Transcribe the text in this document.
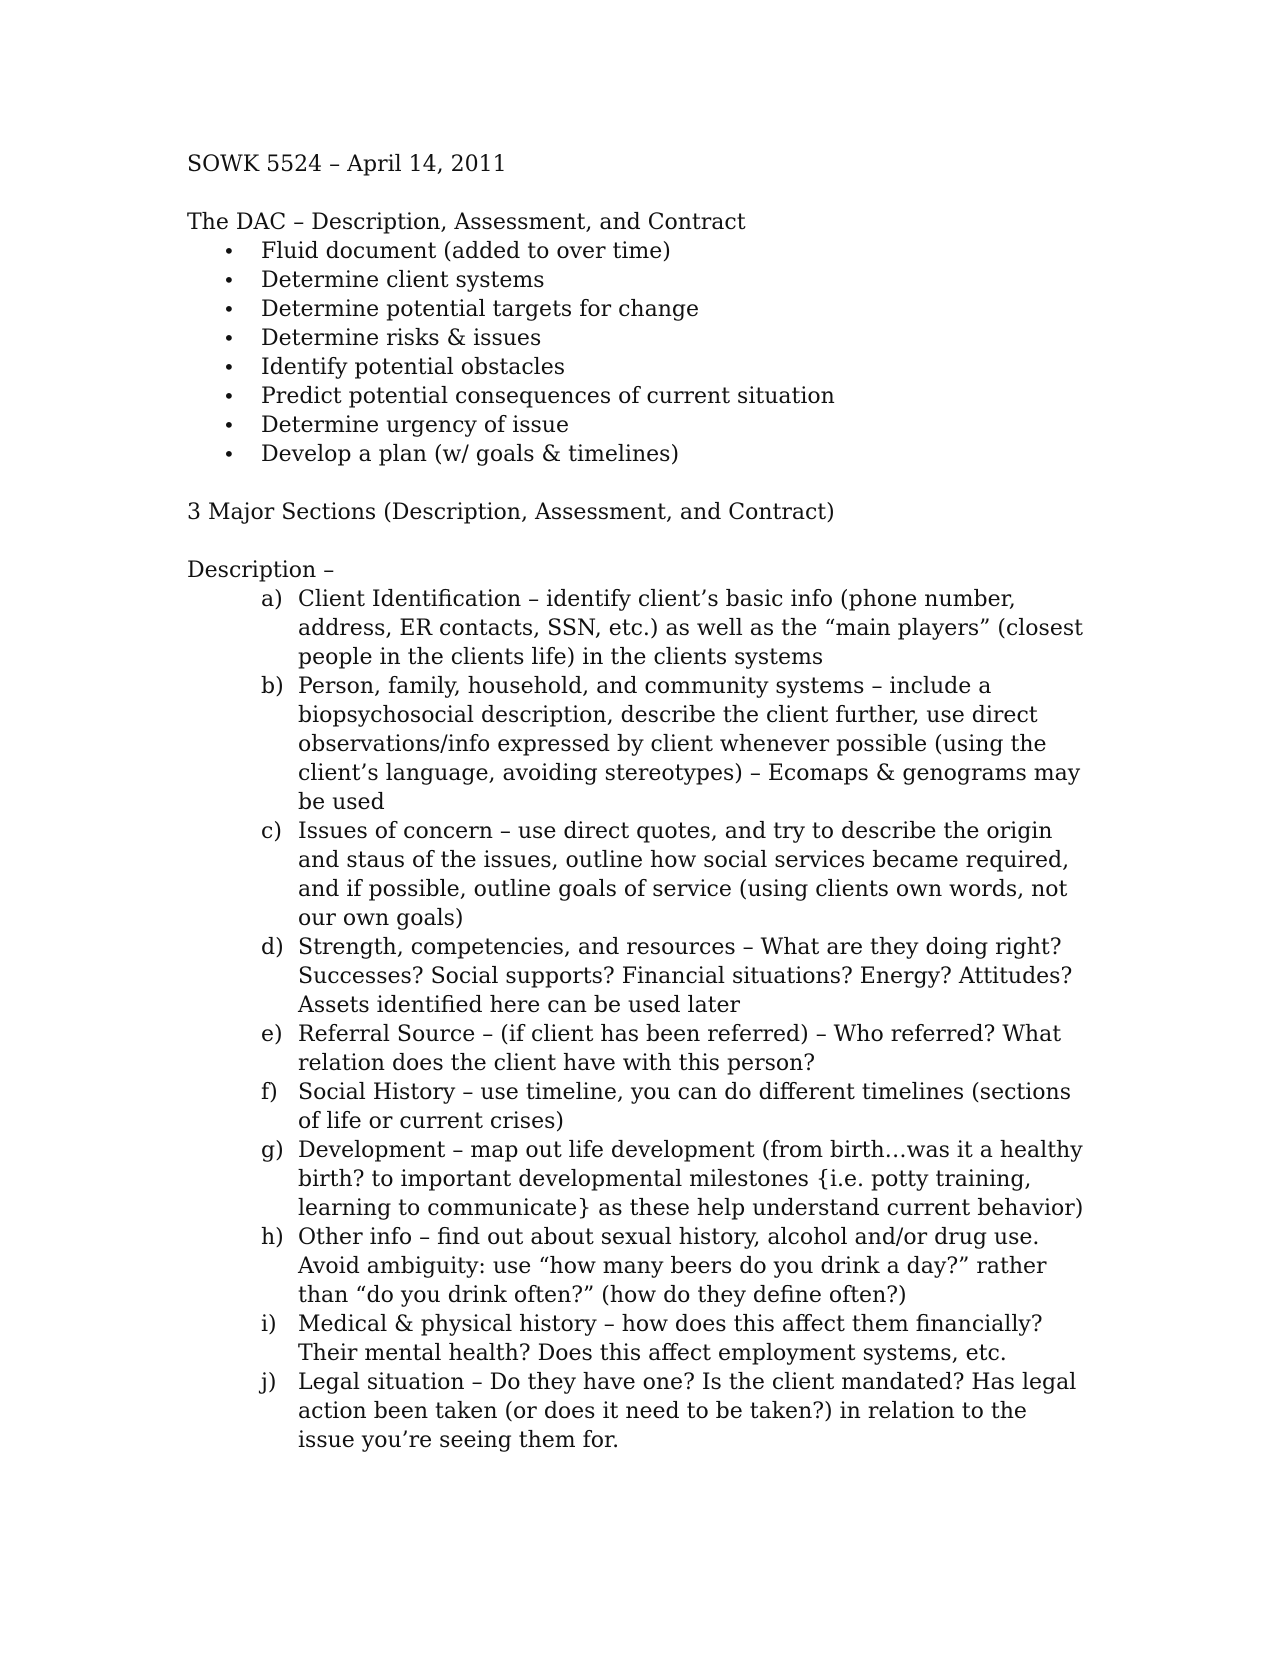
SOWK 5524 – April 14, 2011

The DAC – Description, Assessment, and Contract

• Fluid document (added to over time)
• Determine client systems
• Determine potential targets for change
• Determine risks & issues
• Identify potential obstacles
• Predict potential consequences of current situation
• Determine urgency of issue
• Develop a plan (w/ goals & timelines)

3 Major Sections (Description, Assessment, and Contract)

Description –

a) Client Identification – identify client’s basic info (phone number, address, ER contacts, SSN, etc.) as well as the “main players” (closest people in the clients life) in the clients systems
b) Person, family, household, and community systems – include a biopsychosocial description, describe the client further, use direct observations/info expressed by client whenever possible (using the client’s language, avoiding stereotypes) – Ecomaps & genograms may be used
c) Issues of concern – use direct quotes, and try to describe the origin and staus of the issues, outline how social services became required, and if possible, outline goals of service (using clients own words, not our own goals)
d) Strength, competencies, and resources – What are they doing right? Successes? Social supports? Financial situations? Energy? Attitudes? Assets identified here can be used later
e) Referral Source – (if client has been referred) – Who referred? What relation does the client have with this person?
f) Social History – use timeline, you can do different timelines (sections of life or current crises)
g) Development – map out life development (from birth…was it a healthy birth? to important developmental milestones {i.e. potty training, learning to communicate} as these help understand current behavior)
h) Other info – find out about sexual history, alcohol and/or drug use. Avoid ambiguity: use “how many beers do you drink a day?” rather than “do you drink often?” (how do they define often?)
i) Medical & physical history – how does this affect them financially? Their mental health? Does this affect employment systems, etc.
j) Legal situation – Do they have one? Is the client mandated? Has legal action been taken (or does it need to be taken?) in relation to the issue you’re seeing them for.
